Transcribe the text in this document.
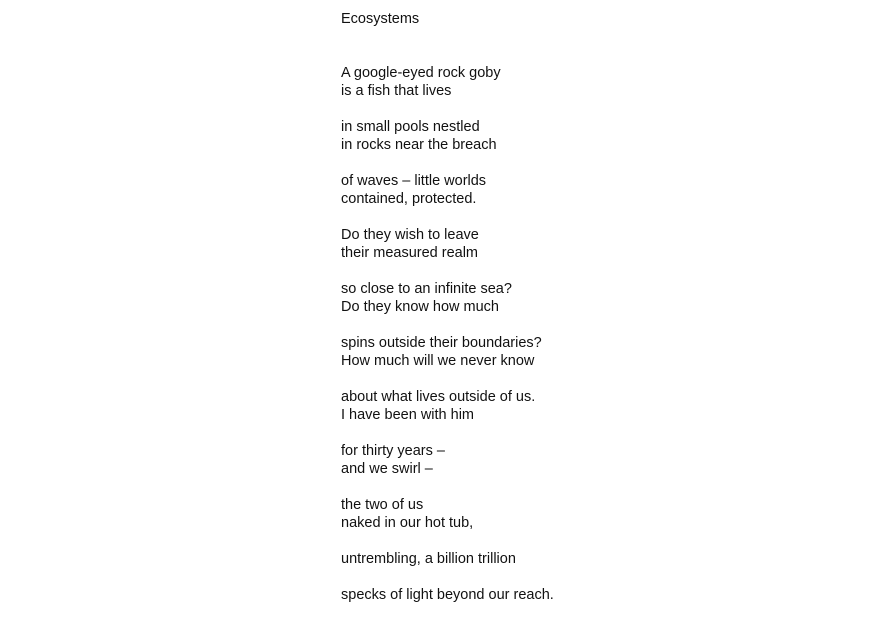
Ecosystems
A google-eyed rock goby
is a fish that lives
in small pools nestled
in rocks near the breach
of waves – little worlds
contained, protected.
Do they wish to leave
their measured realm
so close to an infinite sea?
Do they know how much
spins outside their boundaries?
How much will we never know
about what lives outside of us.
I have been with him
for thirty years –
and we swirl –
the two of us
naked in our hot tub,
untrembling, a billion trillion
specks of light beyond our reach.
